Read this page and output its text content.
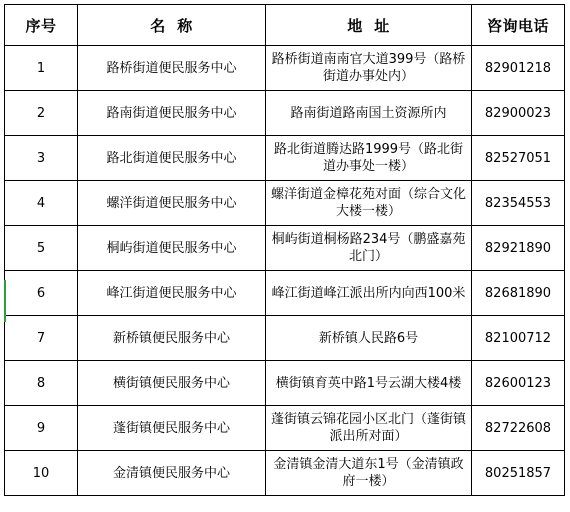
序号	名  称	地  址	咨询电话
1	路桥街道便民服务中心	路桥街道南南官大道399号（路桥街道办事处内）	82901218
2	路南街道便民服务中心	路南街道路南国土资源所内	82900023
3	路北街道便民服务中心	路北街道腾达路1999号（路北街道办事处一楼）	82527051
4	螺洋街道便民服务中心	螺洋街道金樟花苑对面（综合文化大楼一楼）	82354553
5	桐屿街道便民服务中心	桐屿街道桐杨路234号（鹏盛嘉苑北门）	82921890
6	峰江街道便民服务中心	峰江街道峰江派出所内向西100米	82681890
7	新桥镇便民服务中心	新桥镇人民路6号	82100712
8	横街镇便民服务中心	横街镇育英中路1号云湖大楼4楼	82600123
9	蓬街镇便民服务中心	蓬街镇云锦花园小区北门（蓬街镇派出所对面）	82722608
10	金清镇便民服务中心	金清镇金清大道东1号（金清镇政府一楼）	80251857
